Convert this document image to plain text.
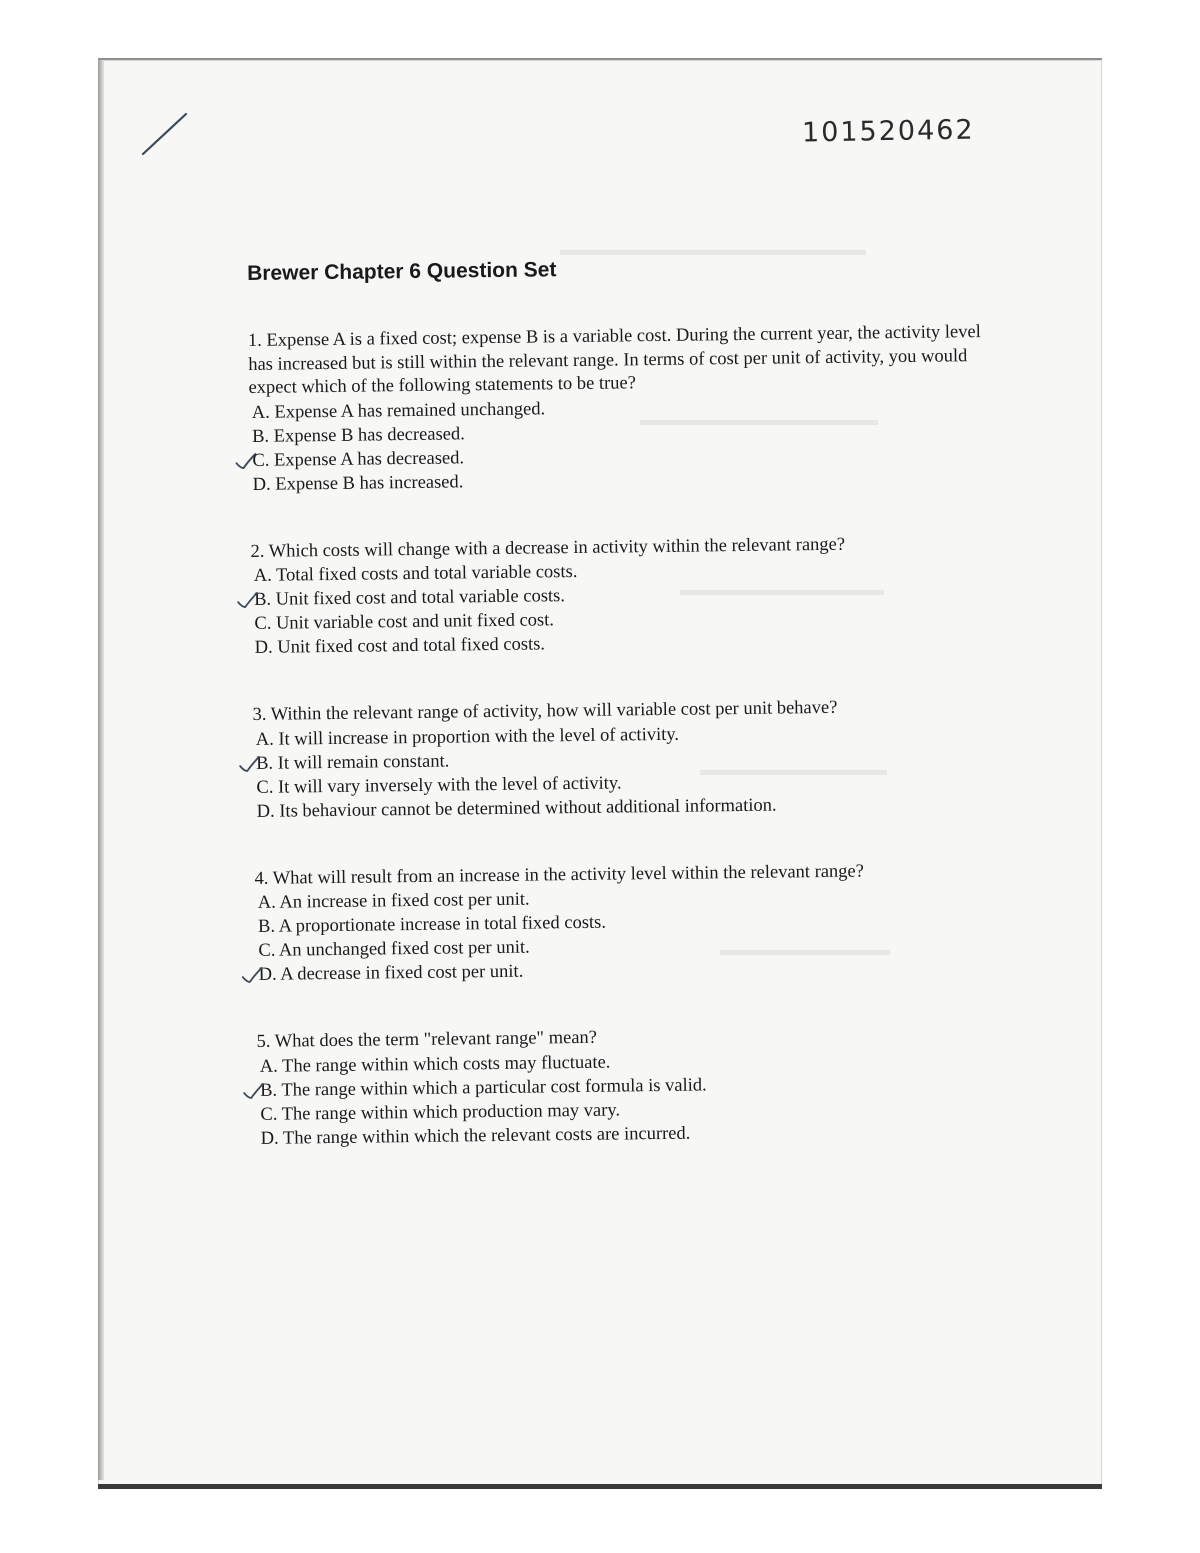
▬▬▬▬▬▬▬▬▬▬▬▬▬▬▬▬▬▬
▬▬▬▬▬▬▬▬▬▬▬▬▬▬
▬▬▬▬▬▬▬▬▬▬▬▬
▬▬▬▬▬▬▬▬▬▬▬
▬▬▬▬▬▬▬▬▬▬
101520462
Brewer Chapter 6 Question Set

1. Expense A is a fixed cost; expense B is a variable cost. During the current year, the activity level has increased but is still within the relevant range. In terms of cost per unit of activity, you would expect which of the following statements to be true?

A. Expense A has remained unchanged.
B. Expense B has decreased.
C. Expense A has decreased.
D. Expense B has increased.

2. Which costs will change with a decrease in activity within the relevant range?

A. Total fixed costs and total variable costs.
B. Unit fixed cost and total variable costs.
C. Unit variable cost and unit fixed cost.
D. Unit fixed cost and total fixed costs.

3. Within the relevant range of activity, how will variable cost per unit behave?

A. It will increase in proportion with the level of activity.
B. It will remain constant.
C. It will vary inversely with the level of activity.
D. Its behaviour cannot be determined without additional information.

4. What will result from an increase in the activity level within the relevant range?

A. An increase in fixed cost per unit.
B. A proportionate increase in total fixed costs.
C. An unchanged fixed cost per unit.
D. A decrease in fixed cost per unit.

5. What does the term "relevant range" mean?

A. The range within which costs may fluctuate.
B. The range within which a particular cost formula is valid.
C. The range within which production may vary.
D. The range within which the relevant costs are incurred.
